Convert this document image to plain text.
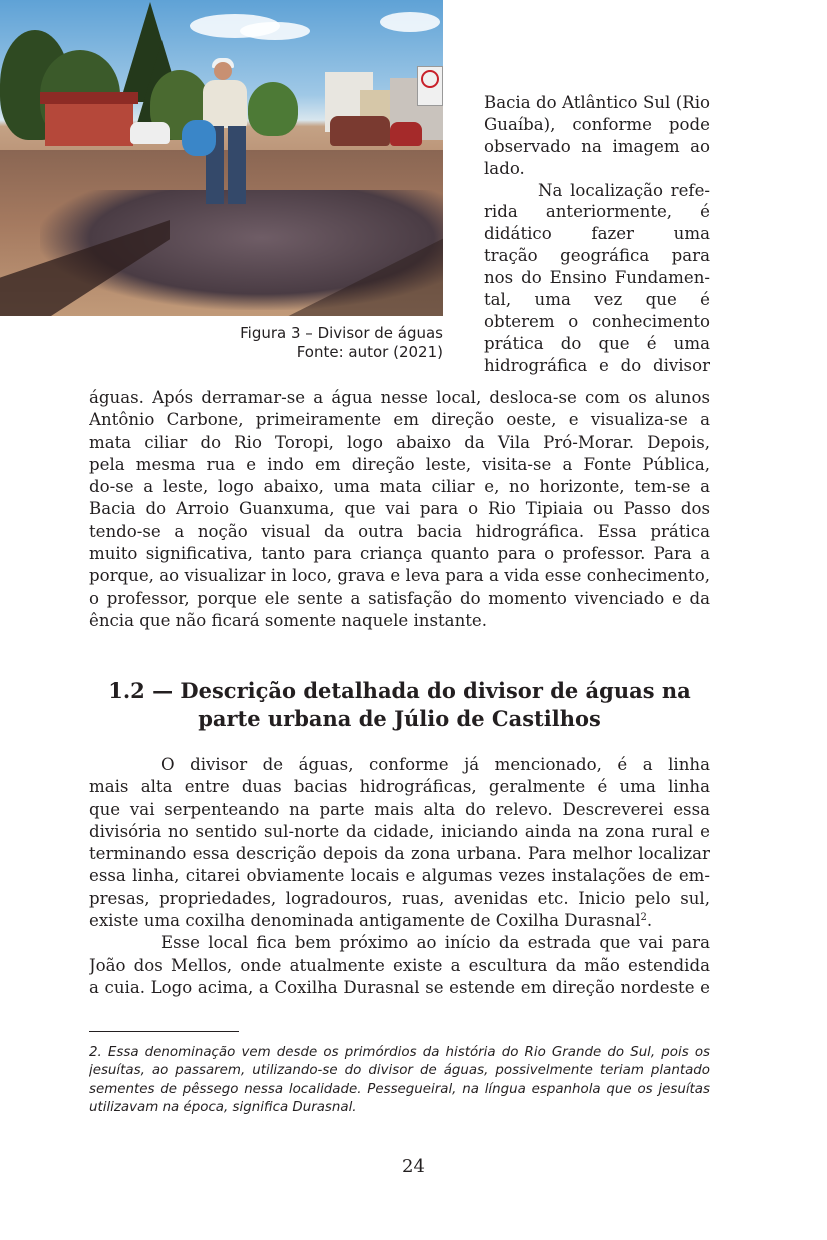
Figura 3 – Divisor de águas
Fonte: autor (2021)
Bacia do Atlântico Sul (Rio
Guaíba), conforme pode
observado na imagem ao
lado.
Na localização refe-
rida anteriormente, é
didático fazer uma
tração geográfica para
nos do Ensino Fundamen-
tal, uma vez que é
obterem o conhecimento
prática do que é uma
hidrográfica e do divisor
águas. Após derramar-se a água nesse local, desloca-se com os alunos
Antônio Carbone, primeiramente em direção oeste, e visualiza-se a
mata ciliar do Rio Toropi, logo abaixo da Vila Pró-Morar. Depois,
pela mesma rua e indo em direção leste, visita-se a Fonte Pública,
do-se a leste, logo abaixo, uma mata ciliar e, no horizonte, tem-se a
Bacia do Arroio Guanxuma, que vai para o Rio Tipiaia ou Passo dos
tendo-se a noção visual da outra bacia hidrográfica. Essa prática
muito significativa, tanto para criança quanto para o professor. Para a
porque, ao visualizar in loco, grava e leva para a vida esse conhecimento,
o professor, porque ele sente a satisfação do momento vivenciado e da
ência que não ficará somente naquele instante.
1.2 — Descrição detalhada do divisor de águas na
parte urbana de Júlio de Castilhos
O divisor de águas, conforme já mencionado, é a linha
mais alta entre duas bacias hidrográficas, geralmente é uma linha
que vai serpenteando na parte mais alta do relevo. Descreverei essa
divisória no sentido sul-norte da cidade, iniciando ainda na zona rural e
terminando essa descrição depois da zona urbana. Para melhor localizar
essa linha, citarei obviamente locais e algumas vezes instalações de em-
presas, propriedades, logradouros, ruas, avenidas etc. Inicio pelo sul,
existe uma coxilha denominada antigamente de Coxilha Durasnal$^2$.
Esse local fica bem próximo ao início da estrada que vai para
João dos Mellos, onde atualmente existe a escultura da mão estendida
a cuia. Logo acima, a Coxilha Durasnal se estende em direção nordeste e
2. Essa denominação vem desde os primórdios da história do Rio Grande do Sul, pois os
jesuítas, ao passarem, utilizando-se do divisor de águas, possivelmente teriam plantado
sementes de pêssego nessa localidade. Pessegueiral, na língua espanhola que os jesuítas
utilizavam na época, significa Durasnal.
24
